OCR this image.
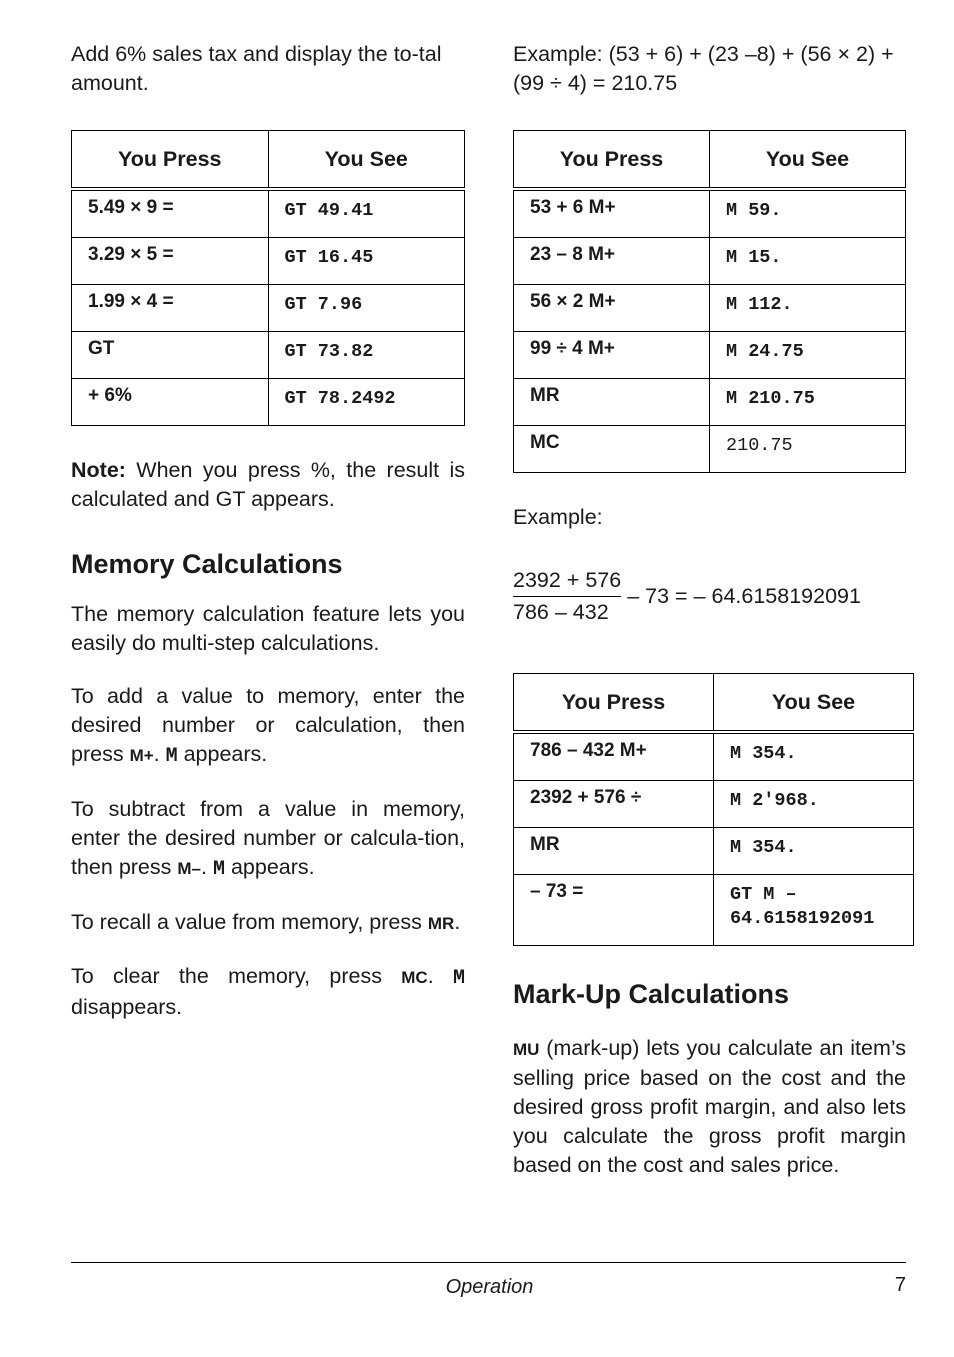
Add 6% sales tax and display the to-tal amount.

You Press	You See
5.49 × 9 =	GT 49.41
3.29 × 5 =	GT 16.45
1.99 × 4 =	GT 7.96
GT	GT 73.82
+ 6%	GT 78.2492

Note: When you press %, the result is calculated and GT appears.

Memory Calculations

The memory calculation feature lets you easily do multi-step calculations.

To add a value to memory, enter the desired number or calculation, then press M+. M appears.

To subtract from a value in memory, enter the desired number or calcula-tion, then press M–. M appears.

To recall a value from memory, press MR.

To clear the memory, press MC. M disappears.

Example: (53 + 6) + (23 –8) + (56 × 2) + (99 ÷ 4) = 210.75

You Press	You See
53 + 6 M+	M 59.
23 – 8 M+	M 15.
56 × 2 M+	M 112.
99 ÷ 4 M+	M 24.75
MR	M 210.75
MC	210.75

Example:

$\frac{2392 + 576}{786 - 432} - 73$ = – 64.6158192091
You Press	You See
786 – 432 M+	M 354.
2392 + 576 ÷	M 2'968.
MR	M 354.
– 73 =	GT M –
64.6158192091
Mark-Up Calculations

MU (mark-up) lets you calculate an item’s selling price based on the cost and the desired gross profit margin, and also lets you calculate the gross profit margin based on the cost and sales price.

Operation	7
